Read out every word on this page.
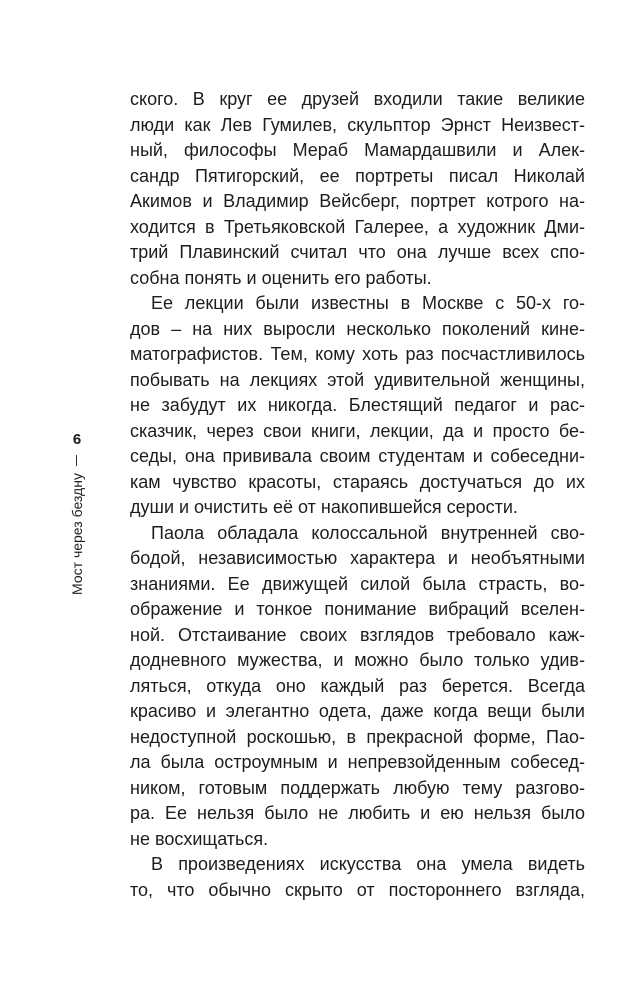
6
Мост через бездну
ского. В круг ее друзей входили такие великие
люди как Лев Гумилев, скульптор Эрнст Неизвест-
ный, философы Мераб Мамардашвили и Алек-
сандр Пятигорский, ее портреты писал Николай
Акимов и Владимир Вейсберг, портрет котрого на-
ходится в Третьяковской Галерее, а художник Дми-
трий Плавинский считал что она лучше всех спо-
собна понять и оценить его работы.
Ее лекции были известны в Москве с 50-х го-
дов – на них выросли несколько поколений кине-
матографистов. Тем, кому хоть раз посчастливилось
побывать на лекциях этой удивительной женщины,
не забудут их никогда. Блестящий педагог и рас-
сказчик, через свои книги, лекции, да и просто бе-
седы, она прививала своим студентам и собеседни-
кам чувство красоты, стараясь достучаться до их
души и очистить её от накопившейся серости.
Паола обладала колоссальной внутренней сво-
бодой, независимостью характера и необъятными
знаниями. Ее движущей силой была страсть, во-
ображение и тонкое понимание вибраций вселен-
ной. Отстаивание своих взглядов требовало каж-
додневного мужества, и можно было только удив-
ляться, откуда оно каждый раз берется. Всегда
красиво и элегантно одета, даже когда вещи были
недоступной роскошью, в прекрасной форме, Пао-
ла была остроумным и непревзойденным собесед-
ником, готовым поддержать любую тему разгово-
ра. Ее нельзя было не любить и ею нельзя было
не восхищаться.
В произведениях искусства она умела видеть
то, что обычно скрыто от постороннего взгляда,
